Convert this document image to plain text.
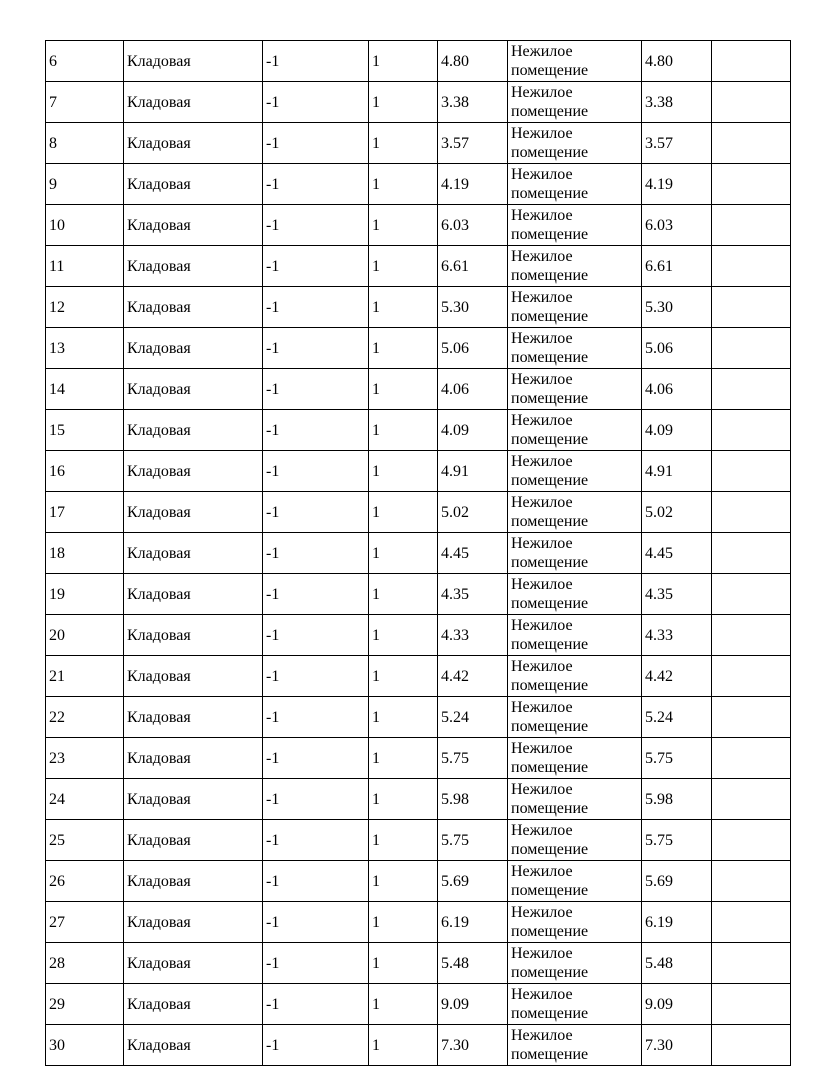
6	Кладовая	-1	1	4.80	Нежилое помещение	4.80	
7	Кладовая	-1	1	3.38	Нежилое помещение	3.38	
8	Кладовая	-1	1	3.57	Нежилое помещение	3.57	
9	Кладовая	-1	1	4.19	Нежилое помещение	4.19	
10	Кладовая	-1	1	6.03	Нежилое помещение	6.03	
11	Кладовая	-1	1	6.61	Нежилое помещение	6.61	
12	Кладовая	-1	1	5.30	Нежилое помещение	5.30	
13	Кладовая	-1	1	5.06	Нежилое помещение	5.06	
14	Кладовая	-1	1	4.06	Нежилое помещение	4.06	
15	Кладовая	-1	1	4.09	Нежилое помещение	4.09	
16	Кладовая	-1	1	4.91	Нежилое помещение	4.91	
17	Кладовая	-1	1	5.02	Нежилое помещение	5.02	
18	Кладовая	-1	1	4.45	Нежилое помещение	4.45	
19	Кладовая	-1	1	4.35	Нежилое помещение	4.35	
20	Кладовая	-1	1	4.33	Нежилое помещение	4.33	
21	Кладовая	-1	1	4.42	Нежилое помещение	4.42	
22	Кладовая	-1	1	5.24	Нежилое помещение	5.24	
23	Кладовая	-1	1	5.75	Нежилое помещение	5.75	
24	Кладовая	-1	1	5.98	Нежилое помещение	5.98	
25	Кладовая	-1	1	5.75	Нежилое помещение	5.75	
26	Кладовая	-1	1	5.69	Нежилое помещение	5.69	
27	Кладовая	-1	1	6.19	Нежилое помещение	6.19	
28	Кладовая	-1	1	5.48	Нежилое помещение	5.48	
29	Кладовая	-1	1	9.09	Нежилое помещение	9.09	
30	Кладовая	-1	1	7.30	Нежилое помещение	7.30	
